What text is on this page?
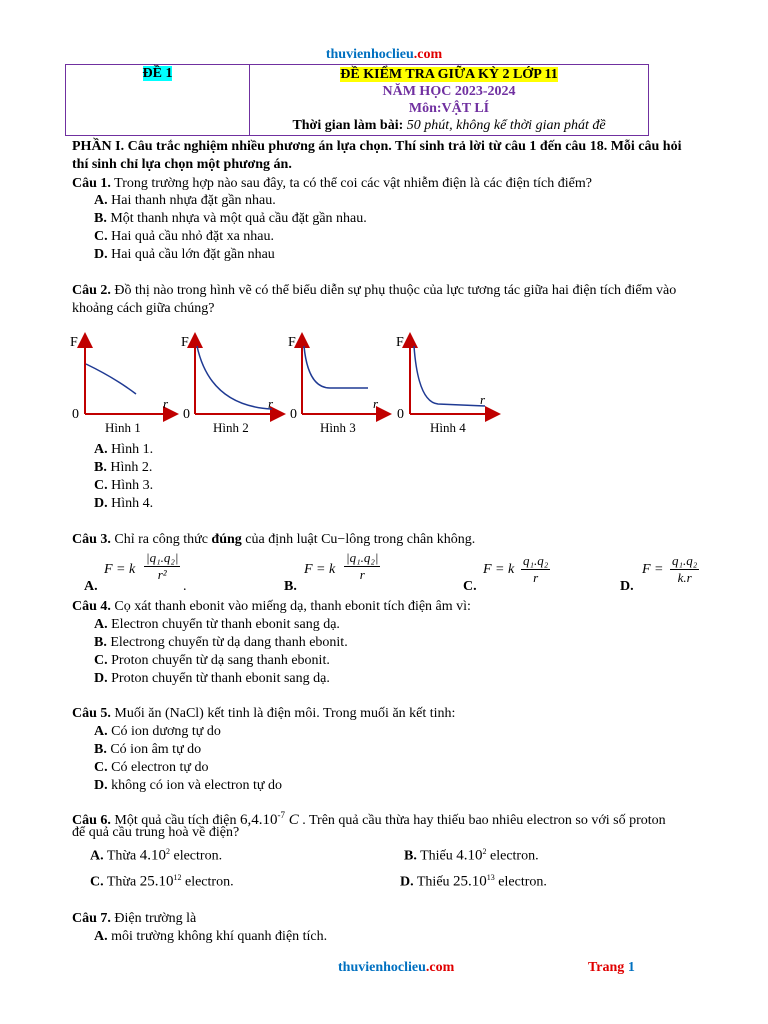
thuvienhoclieu.com
ĐỀ 1	ĐỀ KIỂM TRA GIỮA KỲ 2 LỚP 11
NĂM HỌC 2023-2024
Môn:VẬT LÍ
Thời gian làm bài: 50 phút, không kể thời gian phát đề
PHẦN I. Câu trắc nghiệm nhiều phương án lựa chọn. Thí sinh trả lời từ câu 1 đến câu 18. Mỗi câu hỏi
thí sinh chỉ lựa chọn một phương án.
Câu 1. Trong trường hợp nào sau đây, ta có thể coi các vật nhiễm điện là các điện tích điểm?
A. Hai thanh nhựa đặt gần nhau.
B. Một thanh nhựa và một quả cầu đặt gần nhau.
C. Hai quả cầu nhỏ đặt xa nhau.
D. Hai quả cầu lớn đặt gần nhau
Câu 2. Đồ thị nào trong hình vẽ có thể biểu diễn sự phụ thuộc của lực tương tác giữa hai điện tích điểm vào
khoảng cách giữa chúng?
F
0
r
Hình 1
F
0
r
Hình 2
F
0
r
Hình 3
F
0
r
Hình 4
A. Hình 1.
B. Hình 2.
C. Hình 3.
D. Hình 4.
Câu 3. Chỉ ra công thức đúng của định luật Cu−lông trong chân không.
A.
F = k $\frac{\text{|q₁.q₂|}}{\text{r²}}$
.	B.
F = k $\frac{\text{|q₁.q₂|}}{r}$
C.
F = k $\frac{\text{q₁.q₂}}{r}$
D.
$F = \frac{\text{q₁.q₂}}{k.r}$
Câu 4. Cọ xát thanh ebonit vào miếng dạ, thanh ebonit tích điện âm vì:
A. Electron chuyển từ thanh ebonit sang dạ.
B. Electrong chuyển từ dạ dang thanh ebonit.
C. Proton chuyển từ dạ sang thanh ebonit.
D. Proton chuyển từ thanh ebonit sang dạ.
Câu 5. Muối ăn (NaCl) kết tinh là điện môi. Trong muối ăn kết tinh:
A. Có ion dương tự do
B. Có ion âm tự do
C. Có electron tự do
D. không có ion và electron tự do
Câu 6. Một quả cầu tích điện $6,4.10^{-7}$ C . Trên quả cầu thừa hay thiếu bao nhiêu electron so với số proton
để quả cầu trung hoà về điện?
A. Thừa 4.10$^2$ electron.	B. Thiếu 4.10$^2$ electron.
C. Thừa 25.10$^{12}$ electron.	D. Thiếu 25.10$^{13}$ electron.
Câu 7. Điện trường là
A. môi trường không khí quanh điện tích.
thuvienhoclieu.com	Trang 1
